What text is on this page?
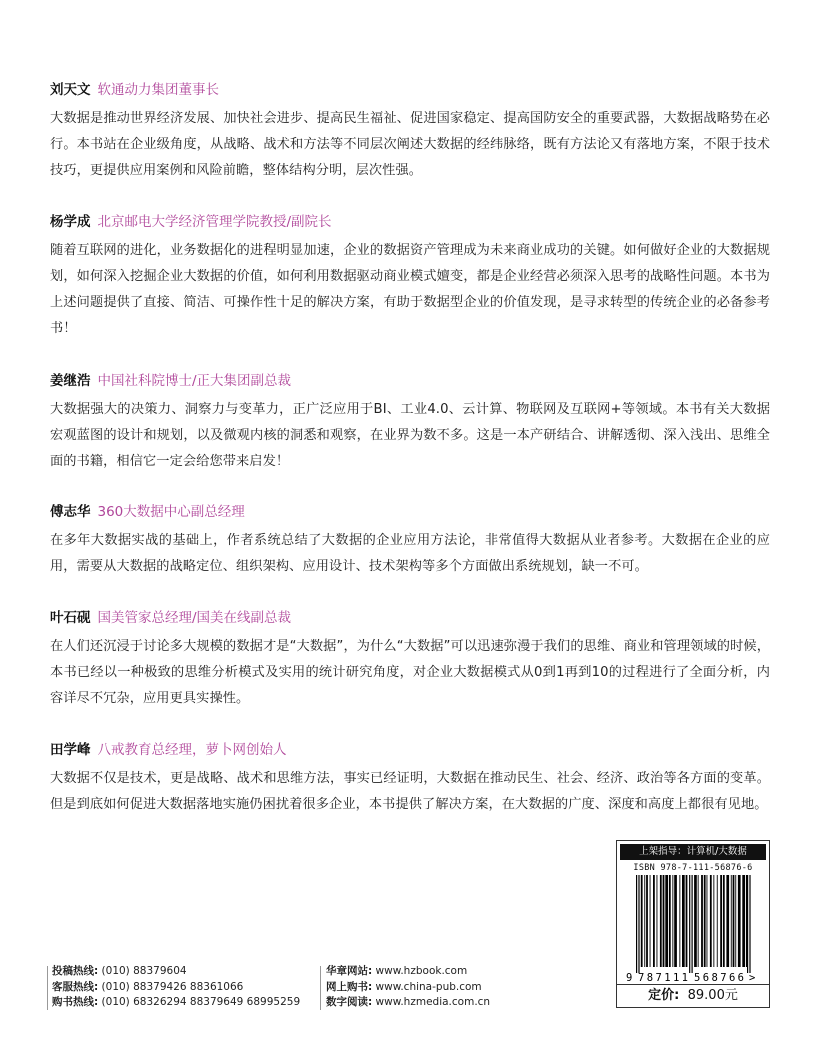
刘天文 软通动力集团董事长
大数据是推动世界经济发展、加快社会进步、提高民生福祉、促进国家稳定、提高国防安全的重要武器，大数据战略势在必行。本书站在企业级角度，从战略、战术和方法等不同层次阐述大数据的经纬脉络，既有方法论又有落地方案，不限于技术技巧，更提供应用案例和风险前瞻，整体结构分明，层次性强。
杨学成 北京邮电大学经济管理学院教授/副院长
随着互联网的进化，业务数据化的进程明显加速，企业的数据资产管理成为未来商业成功的关键。如何做好企业的大数据规划，如何深入挖掘企业大数据的价值，如何利用数据驱动商业模式嬗变，都是企业经营必须深入思考的战略性问题。本书为上述问题提供了直接、简洁、可操作性十足的解决方案，有助于数据型企业的价值发现，是寻求转型的传统企业的必备参考书！
姜继浩 中国社科院博士/正大集团副总裁
大数据强大的决策力、洞察力与变革力，正广泛应用于BI、工业4.0、云计算、物联网及互联网+等领域。本书有关大数据宏观蓝图的设计和规划，以及微观内核的洞悉和观察，在业界为数不多。这是一本产研结合、讲解透彻、深入浅出、思维全面的书籍，相信它一定会给您带来启发！
傅志华 360大数据中心副总经理
在多年大数据实战的基础上，作者系统总结了大数据的企业应用方法论，非常值得大数据从业者参考。大数据在企业的应用，需要从大数据的战略定位、组织架构、应用设计、技术架构等多个方面做出系统规划，缺一不可。
叶石砚 国美管家总经理/国美在线副总裁
在人们还沉浸于讨论多大规模的数据才是“大数据”，为什么“大数据”可以迅速弥漫于我们的思维、商业和管理领域的时候，本书已经以一种极致的思维分析模式及实用的统计研究角度，对企业大数据模式从0到1再到10的过程进行了全面分析，内容详尽不冗杂，应用更具实操性。
田学峰 八戒教育总经理，萝卜网创始人
大数据不仅是技术，更是战略、战术和思维方法，事实已经证明，大数据在推动民生、社会、经济、政治等各方面的变革。但是到底如何促进大数据落地实施仍困扰着很多企业，本书提供了解决方案，在大数据的广度、深度和高度上都很有见地。
投稿热线: (010) 88379604
客服热线: (010) 88379426 88361066
购书热线: (010) 68326294 88379649 68995259
华章网站: www.hzbook.com
网上购书: www.china-pub.com
数字阅读: www.hzmedia.com.cn
上架指导：计算机/大数据
ISBN 978-7-111-56876-6
9 787111 568766 >
定价: 89.00元
